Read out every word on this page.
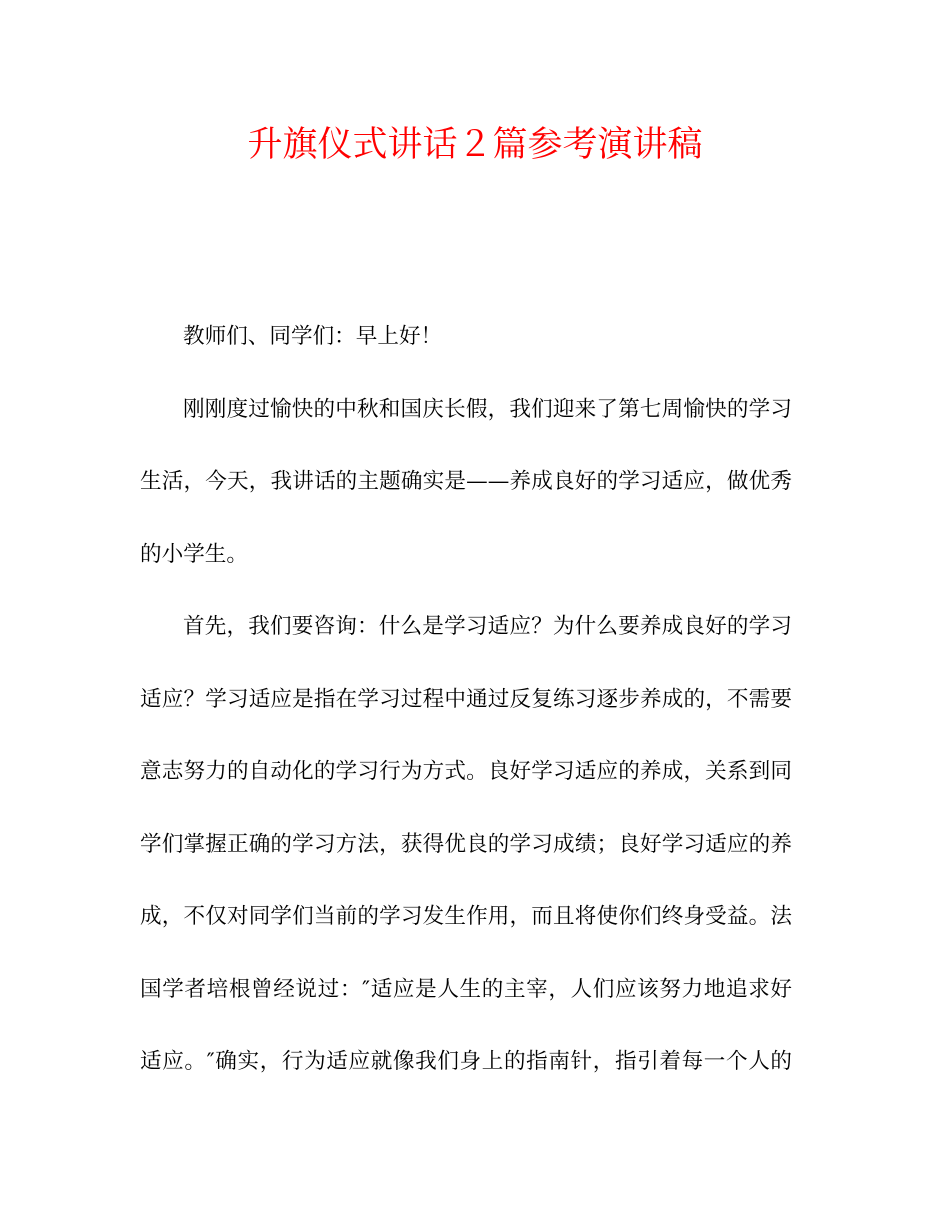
升旗仪式讲话２篇参考演讲稿
教师们、同学们：早上好！
刚刚度过愉快的中秋和国庆长假，我们迎来了第七周愉快的学习
生活，今天，我讲话的主题确实是——养成良好的学习适应，做优秀
的小学生。
首先，我们要咨询：什么是学习适应？为什么要养成良好的学习
适应？学习适应是指在学习过程中通过反复练习逐步养成的，不需要
意志努力的自动化的学习行为方式。良好学习适应的养成，关系到同
学们掌握正确的学习方法，获得优良的学习成绩；良好学习适应的养
成，不仅对同学们当前的学习发生作用，而且将使你们终身受益。法
国学者培根曾经说过：″适应是人生的主宰，人们应该努力地追求好
适应。″确实，行为适应就像我们身上的指南针，指引着每一个人的
